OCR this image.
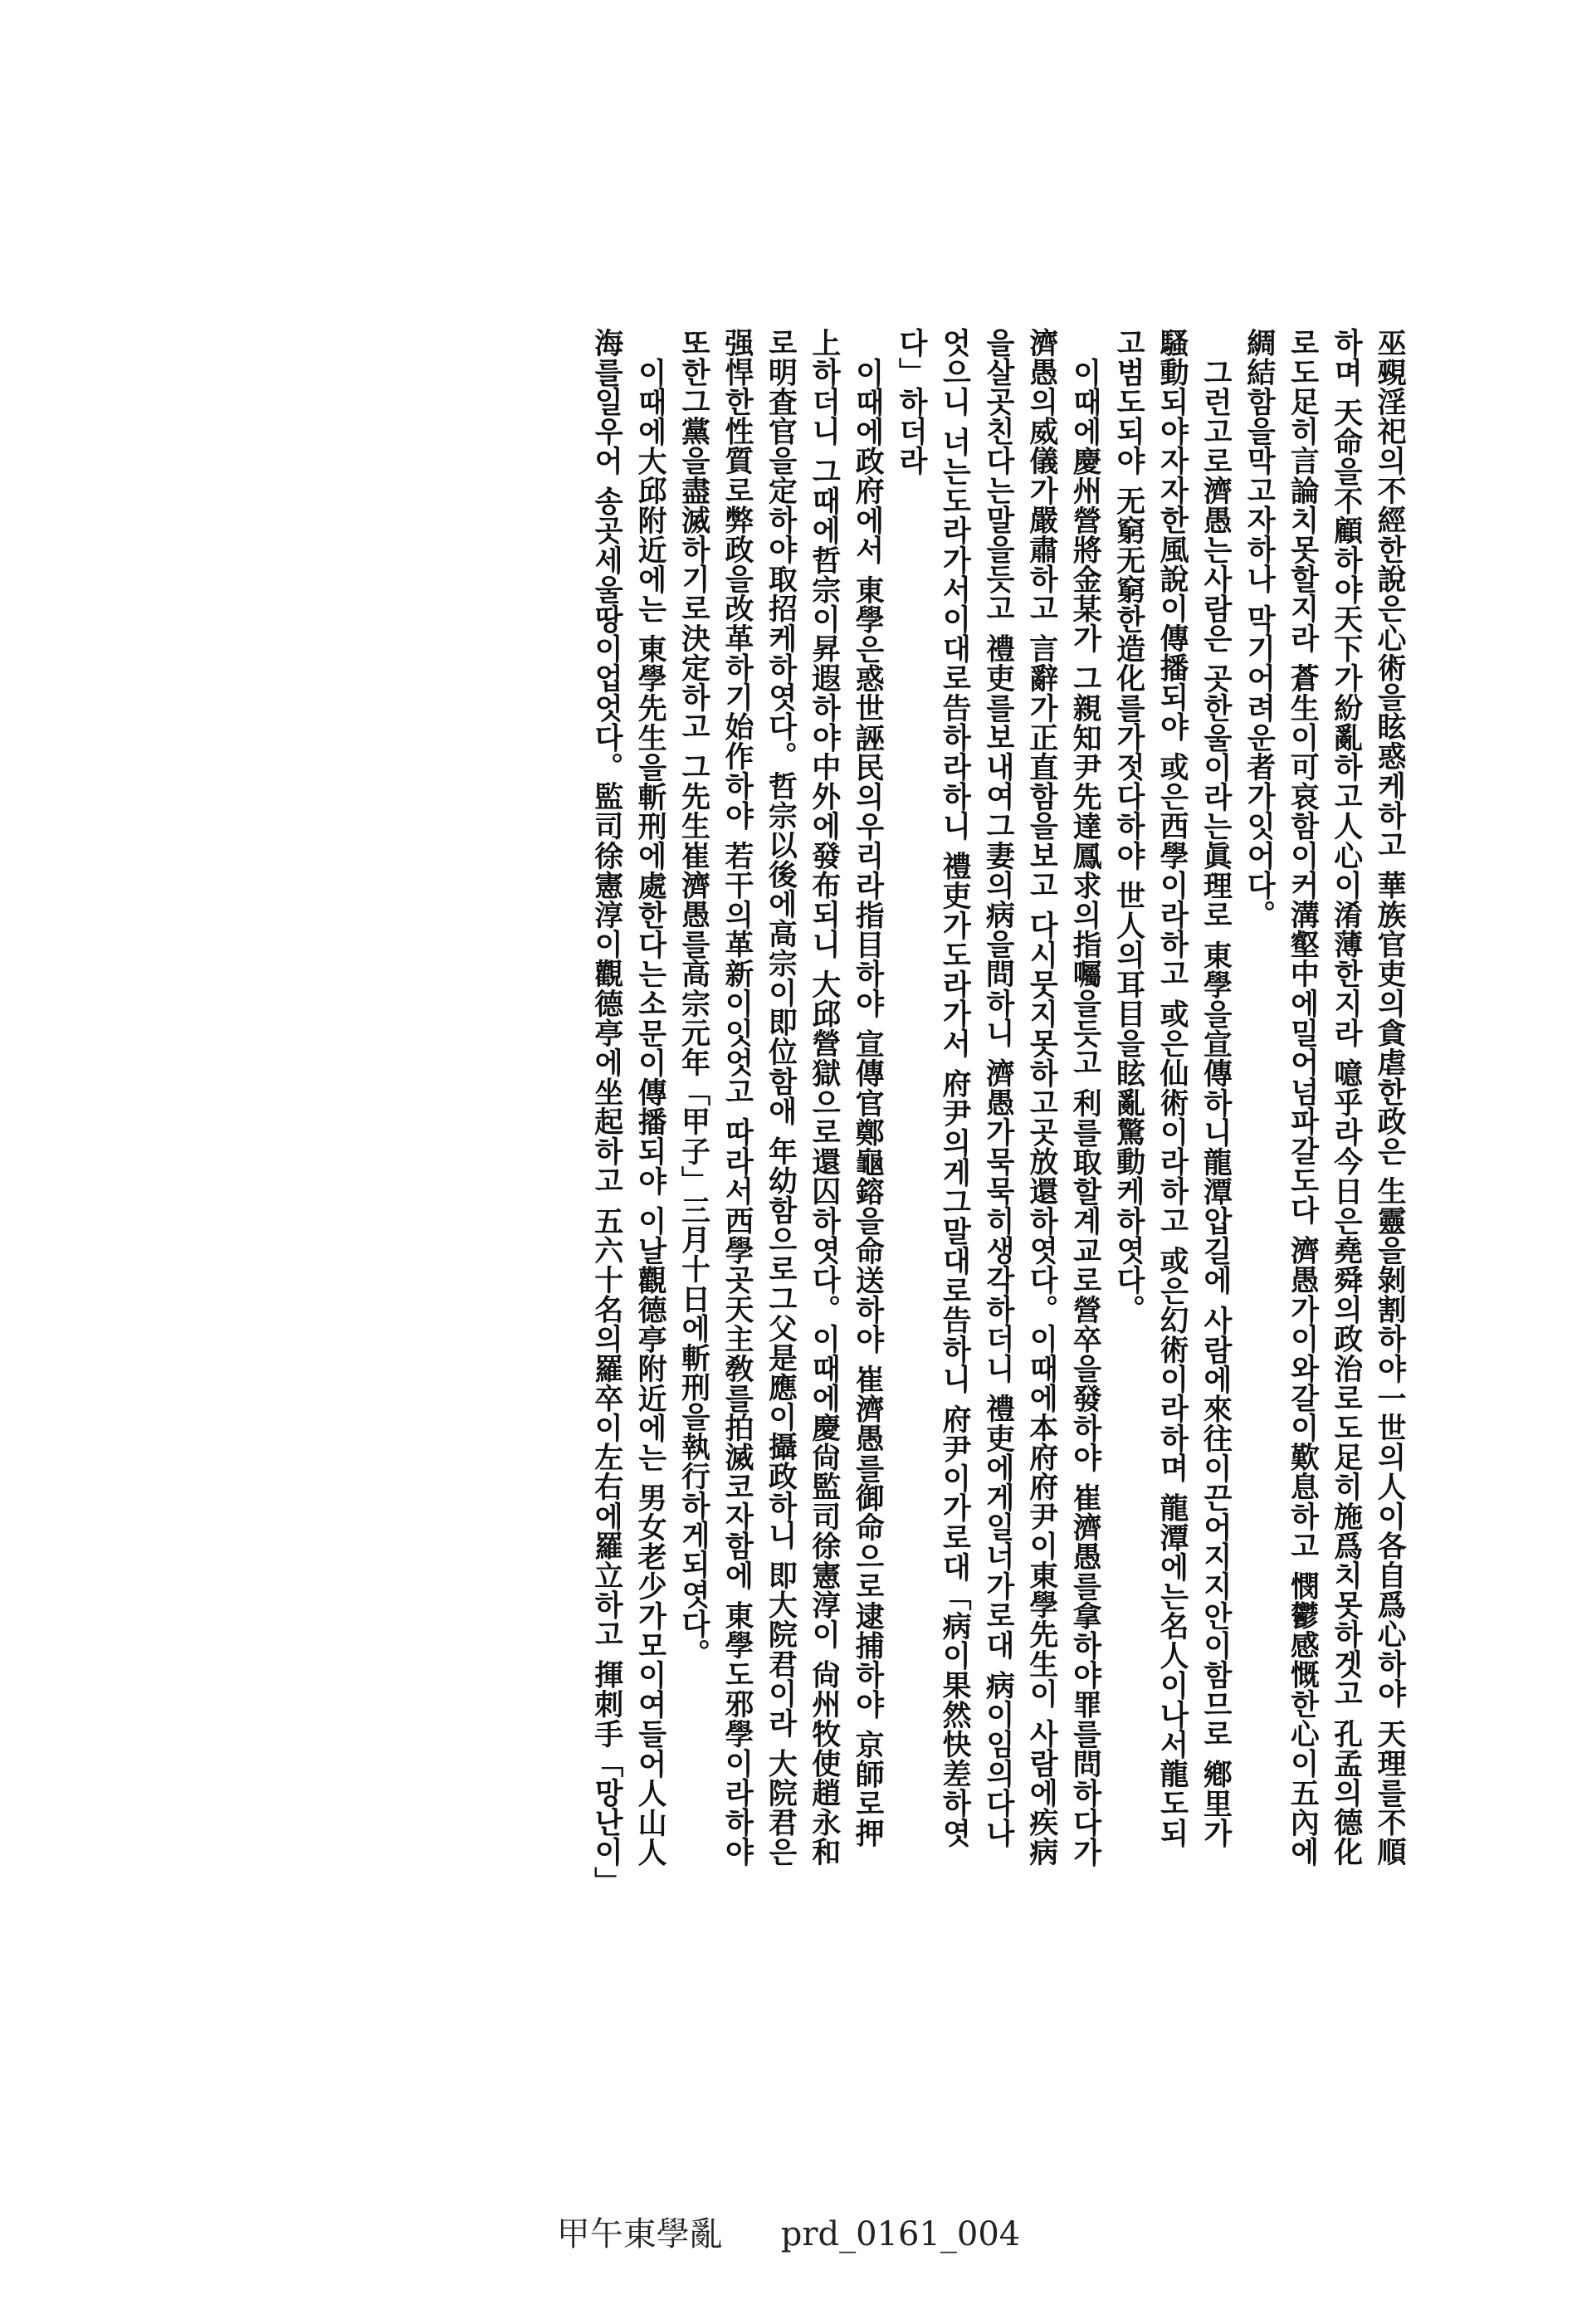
巫覡淫祀의不經한說은心術을眩惑케하고 華族官吏의貪虐한政은 生靈을剝割하야一世의人이各自爲心하야 天理를不順
하며 天命을不顧하야天下가紛亂하고人心이淆薄한지라 噫乎라今日은堯舜의政治로도足히施爲치못하겟고 孔孟의德化
로도足히言論치못할지라 蒼生이可哀함이커溝壑中에밀어넘파갈도다 濟愚가이와갈이歎息하고 憫鬱感慨한心이五內에
綢結함을막고자하나 막기어려운者가잇어다。
그런고로濟愚는사람은 곳한울이라는眞理로 東學을宣傳하니龍潭압길에 사람에來往이끈어지지안이함므로 鄕里가
騷動되야자자한風說이傳播되야 或은西學이라하고 或은仙術이라하고 或은幻術이라하며 龍潭에는名人이나서龍도되
고범도되야 无窮无窮한造化를가젓다하야 世人의耳目을眩亂驚動케하엿다。
이때에慶州營將金某가 그親知尹先達鳳求의指囑을듯고 利를取할계교로營卒을發하야 崔濟愚를拿하야罪를問하다가
濟愚의威儀가嚴肅하고 言辭가正直함을보고 다시뭇지못하고곳放還하엿다。이때에本府府尹이東學先生이 사람에疾病
을살곳친다는말을듯고 禮吏를보내여그妻의病을問하니 濟愚가묵묵히생각하더니 禮吏에게일너가로대 病이임의다나
엇으니 너는도라가서이대로告하라하니 禮吏가도라가서 府尹의게그말대로告하니 府尹이가로대「病이果然快差하엿
다」하더라
이때에政府에서 東學은惑世誣民의우리라指目하야 宣傳官鄭龜鎔을命送하야 崔濟愚를御命으로逮捕하야 京師로押
上하더니 그때에哲宗이昇遐하야中外에發布되니 大邱營獄으로還囚하엿다。이때에慶尙監司徐憲淳이 尙州牧使趙永和
로明査官을定하야取招케하엿다。哲宗以後에高宗이即位함애 年幼함으로그父是應이攝政하니 即大院君이라 大院君은
强悍한性質로弊政을改革하기始作하야 若干의革新이잇엇고 따라서西學곳天主敎를拍滅코자함에 東學도邪學이라하야
또한그黨을盡滅하기로決定하고 그先生崔濟愚를高宗元年「甲子」三月十日에斬刑을執行하게되엿다。
이때에大邱附近에는 東學先生을斬刑에處한다는소문이傳播되야 이날觀德亭附近에는 男女老少가모이여들어人山人
海를일우어 송곳세울땅이업엇다。監司徐憲淳이觀德亭에坐起하고 五六十名의羅卒이左右에羅立하고 揮刺手「망난이」
甲午東學亂 prd_0161_004
